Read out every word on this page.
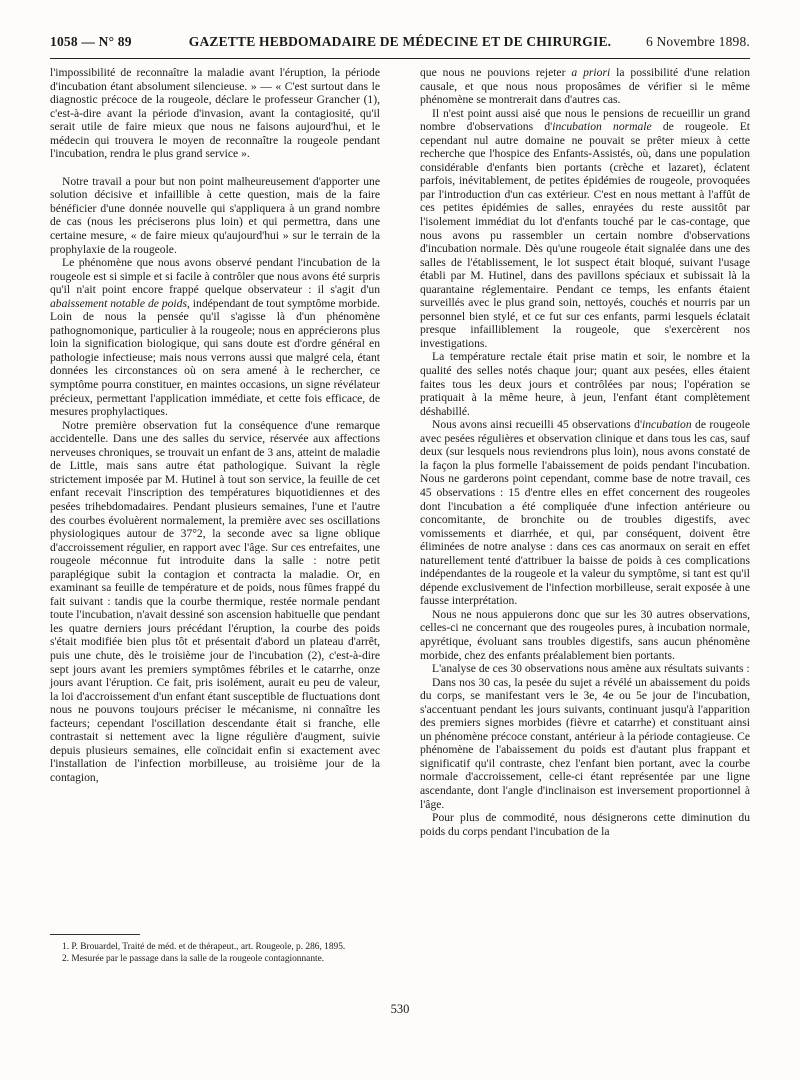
1058 — N° 89	GAZETTE HEBDOMADAIRE DE MÉDECINE ET DE CHIRURGIE.	6 Novembre 1898.

l'impossibilité de reconnaître la maladie avant l'éruption, la période d'incubation étant absolument silencieuse. » — « C'est surtout dans le diagnostic précoce de la rougeole, déclare le professeur Grancher (1), c'est-à-dire avant la période d'invasion, avant la contagiosité, qu'il serait utile de faire mieux que nous ne faisons aujourd'hui, et le médecin qui trouvera le moyen de reconnaître la rougeole pendant l'incubation, rendra le plus grand service ».

Notre travail a pour but non point malheureusement d'apporter une solution décisive et infaillible à cette question, mais de la faire bénéficier d'une donnée nouvelle qui s'appliquera à un grand nombre de cas (nous les préciserons plus loin) et qui permettra, dans une certaine mesure, « de faire mieux qu'aujourd'hui » sur le terrain de la prophylaxie de la rougeole.

Le phénomène que nous avons observé pendant l'incubation de la rougeole est si simple et si facile à contrôler que nous avons été surpris qu'il n'ait point encore frappé quelque observateur : il s'agit d'un abaissement notable de poids, indépendant de tout symptôme morbide. Loin de nous la pensée qu'il s'agisse là d'un phénomène pathognomonique, particulier à la rougeole; nous en apprécierons plus loin la signification biologique, qui sans doute est d'ordre général en pathologie infectieuse; mais nous verrons aussi que malgré cela, étant données les circonstances où on sera amené à le rechercher, ce symptôme pourra constituer, en maintes occasions, un signe révélateur précieux, permettant l'application immédiate, et cette fois efficace, de mesures prophylactiques.

Notre première observation fut la conséquence d'une remarque accidentelle. Dans une des salles du service, réservée aux affections nerveuses chroniques, se trouvait un enfant de 3 ans, atteint de maladie de Little, mais sans autre état pathologique. Suivant la règle strictement imposée par M. Hutinel à tout son service, la feuille de cet enfant recevait l'inscription des températures biquotidiennes et des pesées trihebdomadaires. Pendant plusieurs semaines, l'une et l'autre des courbes évoluèrent normalement, la première avec ses oscillations physiologiques autour de 37°2, la seconde avec sa ligne oblique d'accroissement régulier, en rapport avec l'âge. Sur ces entrefaites, une rougeole méconnue fut introduite dans la salle : notre petit paraplégique subit la contagion et contracta la maladie. Or, en examinant sa feuille de température et de poids, nous fûmes frappé du fait suivant : tandis que la courbe thermique, restée normale pendant toute l'incubation, n'avait dessiné son ascension habituelle que pendant les quatre derniers jours précédant l'éruption, la courbe des poids s'était modifiée bien plus tôt et présentait d'abord un plateau d'arrêt, puis une chute, dès le troisième jour de l'incubation (2), c'est-à-dire sept jours avant les premiers symptômes fébriles et le catarrhe, onze jours avant l'éruption. Ce fait, pris isolément, aurait eu peu de valeur, la loi d'accroissement d'un enfant étant susceptible de fluctuations dont nous ne pouvons toujours préciser le mécanisme, ni connaître les facteurs; cependant l'oscillation descendante était si franche, elle contrastait si nettement avec la ligne régulière d'augment, suivie depuis plusieurs semaines, elle coïncidait enfin si exactement avec l'installation de l'infection morbilleuse, au troisième jour de la contagion,

1. P. Brouardel, Traité de méd. et de thérapeut., art. Rougeole, p. 286, 1895.

2. Mesurée par le passage dans la salle de la rougeole contagionnante.

que nous ne pouvions rejeter a priori la possibilité d'une relation causale, et que nous nous proposâmes de vérifier si le même phénomène se montrerait dans d'autres cas.

Il n'est point aussi aisé que nous le pensions de recueillir un grand nombre d'observations d'incubation normale de rougeole. Et cependant nul autre domaine ne pouvait se prêter mieux à cette recherche que l'hospice des Enfants-Assistés, où, dans une population considérable d'enfants bien portants (crèche et lazaret), éclatent parfois, inévitablement, de petites épidémies de rougeole, provoquées par l'introduction d'un cas extérieur. C'est en nous mettant à l'affût de ces petites épidémies de salles, enrayées du reste aussitôt par l'isolement immédiat du lot d'enfants touché par le cas-contage, que nous avons pu rassembler un certain nombre d'observations d'incubation normale. Dès qu'une rougeole était signalée dans une des salles de l'établissement, le lot suspect était bloqué, suivant l'usage établi par M. Hutinel, dans des pavillons spéciaux et subissait là la quarantaine réglementaire. Pendant ce temps, les enfants étaient surveillés avec le plus grand soin, nettoyés, couchés et nourris par un personnel bien stylé, et ce fut sur ces enfants, parmi lesquels éclatait presque infailliblement la rougeole, que s'exercèrent nos investigations.

La température rectale était prise matin et soir, le nombre et la qualité des selles notés chaque jour; quant aux pesées, elles étaient faites tous les deux jours et contrôlées par nous; l'opération se pratiquait à la même heure, à jeun, l'enfant étant complètement déshabillé.

Nous avons ainsi recueilli 45 observations d'incubation de rougeole avec pesées régulières et observation clinique et dans tous les cas, sauf deux (sur lesquels nous reviendrons plus loin), nous avons constaté de la façon la plus formelle l'abaissement de poids pendant l'incubation. Nous ne garderons point cependant, comme base de notre travail, ces 45 observations : 15 d'entre elles en effet concernent des rougeoles dont l'incubation a été compliquée d'une infection antérieure ou concomitante, de bronchite ou de troubles digestifs, avec vomissements et diarrhée, et qui, par conséquent, doivent être éliminées de notre analyse : dans ces cas anormaux on serait en effet naturellement tenté d'attribuer la baisse de poids à ces complications indépendantes de la rougeole et la valeur du symptôme, si tant est qu'il dépende exclusivement de l'infection morbilleuse, serait exposée à une fausse interprétation.

Nous ne nous appuierons donc que sur les 30 autres observations, celles-ci ne concernant que des rougeoles pures, à incubation normale, apyrétique, évoluant sans troubles digestifs, sans aucun phénomène morbide, chez des enfants préalablement bien portants.

L'analyse de ces 30 observations nous amène aux résultats suivants :

Dans nos 30 cas, la pesée du sujet a révélé un abaissement du poids du corps, se manifestant vers le 3e, 4e ou 5e jour de l'incubation, s'accentuant pendant les jours suivants, continuant jusqu'à l'apparition des premiers signes morbides (fièvre et catarrhe) et constituant ainsi un phénomène précoce constant, antérieur à la période contagieuse. Ce phénomène de l'abaissement du poids est d'autant plus frappant et significatif qu'il contraste, chez l'enfant bien portant, avec la courbe normale d'accroissement, celle-ci étant représentée par une ligne ascendante, dont l'angle d'inclinaison est inversement proportionnel à l'âge.

Pour plus de commodité, nous désignerons cette diminution du poids du corps pendant l'incubation de la

530
